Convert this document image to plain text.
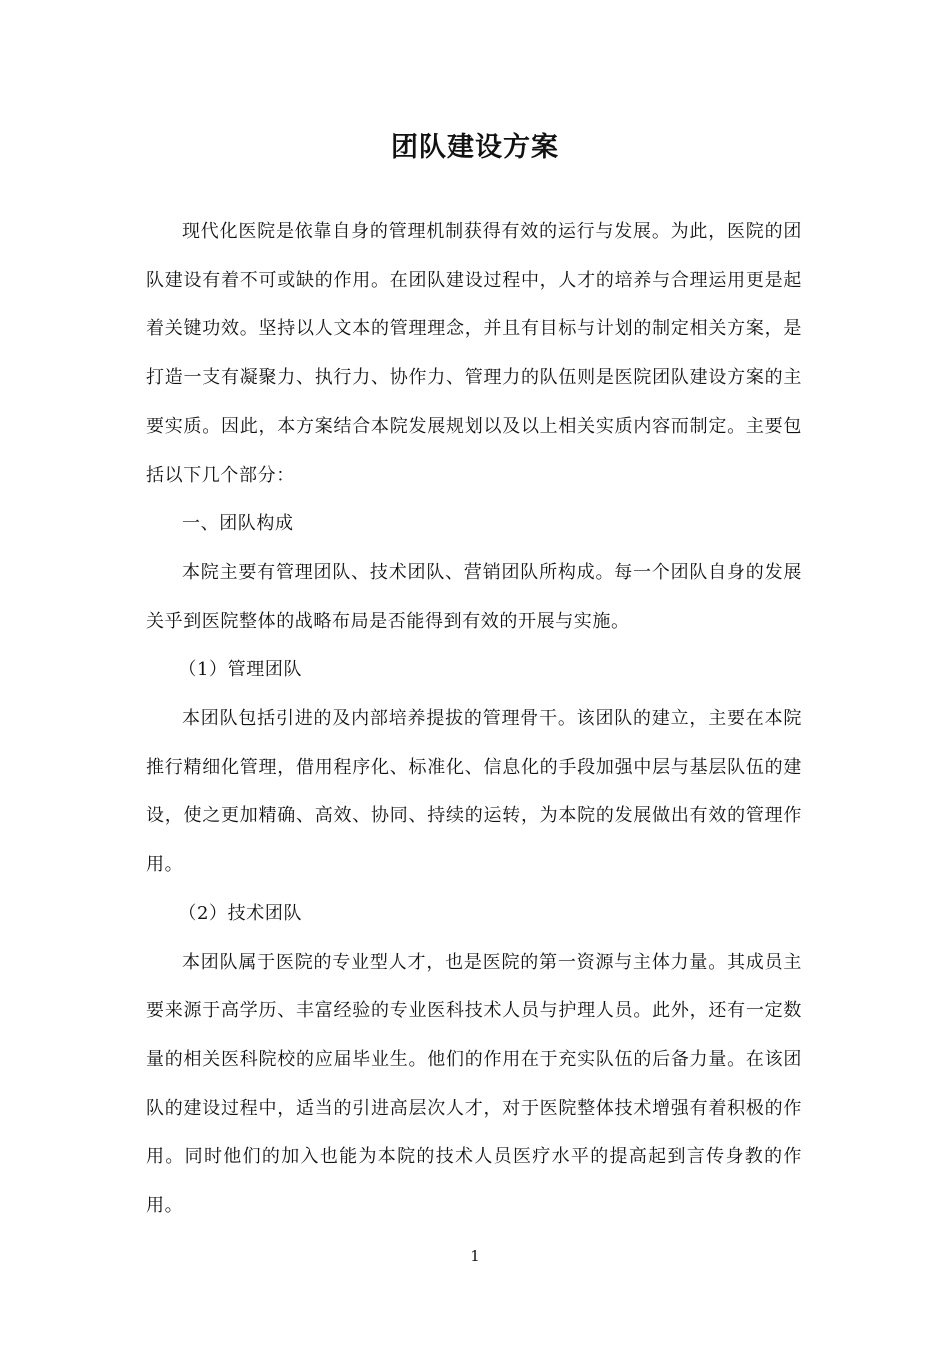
团队建设方案

现代化医院是依靠自身的管理机制获得有效的运行与发展。为此，医院的团队建设有着不可或缺的作用。在团队建设过程中，人才的培养与合理运用更是起着关键功效。坚持以人文本的管理理念，并且有目标与计划的制定相关方案，是打造一支有凝聚力、执行力、协作力、管理力的队伍则是医院团队建设方案的主要实质。因此，本方案结合本院发展规划以及以上相关实质内容而制定。主要包括以下几个部分：

一、团队构成

本院主要有管理团队、技术团队、营销团队所构成。每一个团队自身的发展关乎到医院整体的战略布局是否能得到有效的开展与实施。

（1）管理团队

本团队包括引进的及内部培养提拔的管理骨干。该团队的建立，主要在本院推行精细化管理，借用程序化、标准化、信息化的手段加强中层与基层队伍的建设，使之更加精确、高效、协同、持续的运转，为本院的发展做出有效的管理作用。

（2）技术团队

本团队属于医院的专业型人才，也是医院的第一资源与主体力量。其成员主要来源于高学历、丰富经验的专业医科技术人员与护理人员。此外，还有一定数量的相关医科院校的应届毕业生。他们的作用在于充实队伍的后备力量。在该团队的建设过程中，适当的引进高层次人才，对于医院整体技术增强有着积极的作用。同时他们的加入也能为本院的技术人员医疗水平的提高起到言传身教的作用。

1
